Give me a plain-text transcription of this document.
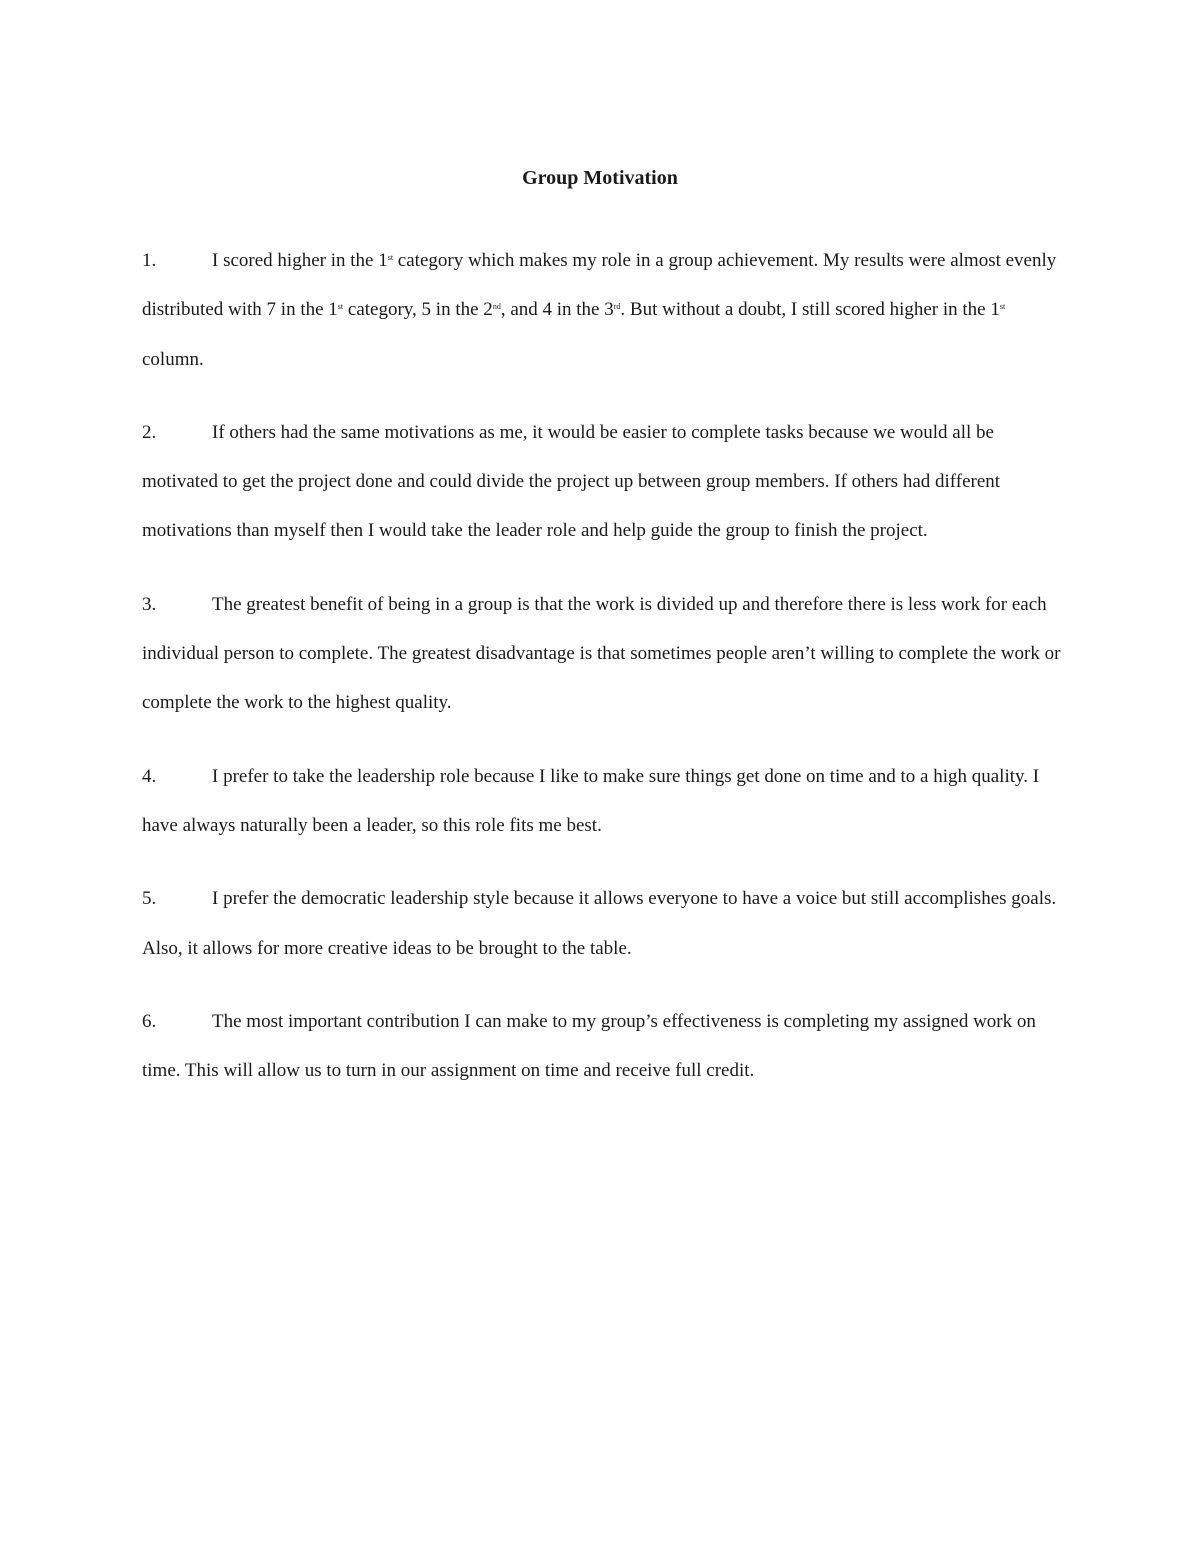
Group Motivation
1.	I scored higher in the 1st category which makes my role in a group achievement. My results were almost evenly distributed with 7 in the 1st category, 5 in the 2nd, and 4 in the 3rd. But without a doubt, I still scored higher in the 1st column.
2.	If others had the same motivations as me, it would be easier to complete tasks because we would all be motivated to get the project done and could divide the project up between group members. If others had different motivations than myself then I would take the leader role and help guide the group to finish the project.
3.	The greatest benefit of being in a group is that the work is divided up and therefore there is less work for each individual person to complete. The greatest disadvantage is that sometimes people aren’t willing to complete the work or complete the work to the highest quality.
4.	I prefer to take the leadership role because I like to make sure things get done on time and to a high quality. I have always naturally been a leader, so this role fits me best.
5.	I prefer the democratic leadership style because it allows everyone to have a voice but still accomplishes goals. Also, it allows for more creative ideas to be brought to the table.
6.	The most important contribution I can make to my group’s effectiveness is completing my assigned work on time. This will allow us to turn in our assignment on time and receive full credit.
